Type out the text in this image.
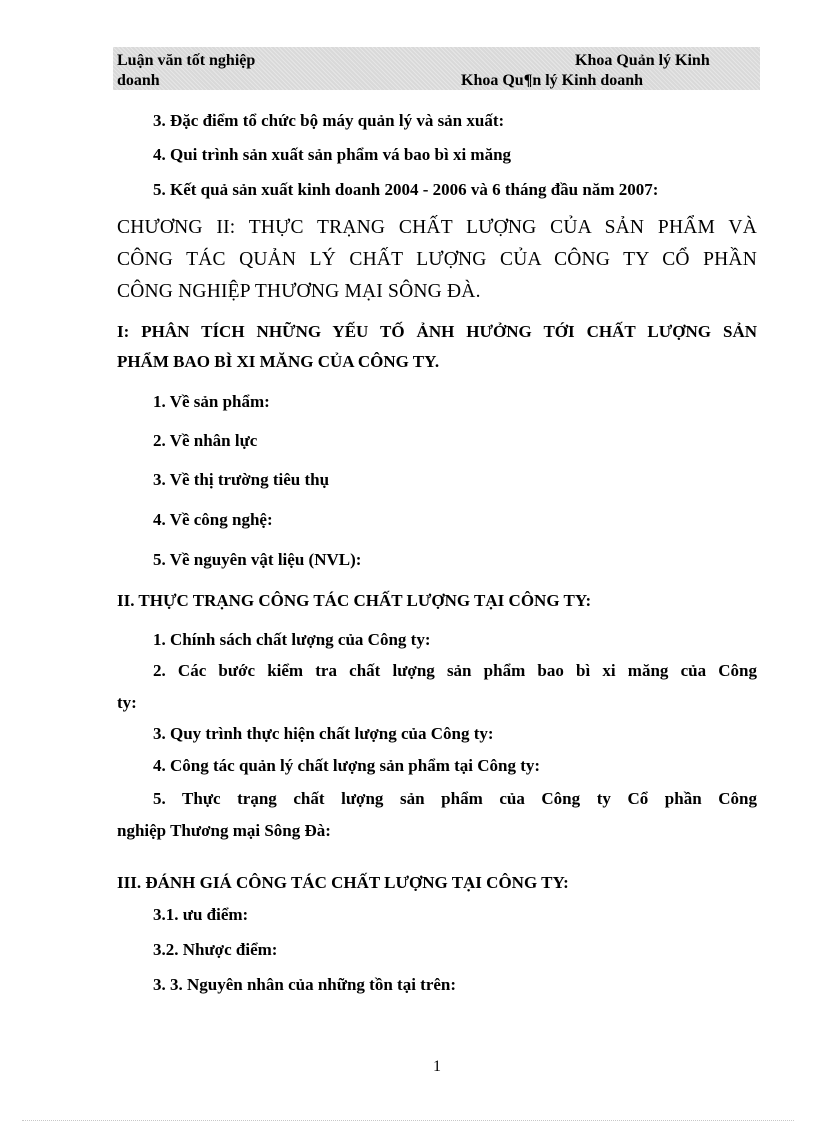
Luận văn tốt nghiệp
doanh
Khoa Quản lý Kinh
Khoa Qu¶n lý Kinh doanh
3. Đặc điểm tổ chức bộ máy quản lý và sản xuất:
4. Qui trình sản xuất sản phẩm vá bao bì xi măng
5. Kết quả sản xuất kinh doanh 2004 - 2006 và 6 tháng đầu năm 2007:
CHƯƠNG II: THỰC TRẠNG CHẤT LƯỢNG CỦA SẢN PHẨM VÀ
CÔNG TÁC QUẢN LÝ CHẤT LƯỢNG CỦA CÔNG TY CỔ PHẦN
CÔNG NGHIỆP THƯƠNG MẠI SÔNG ĐÀ.
I: PHÂN TÍCH NHỮNG YẾU TỐ ẢNH HƯỞNG TỚI CHẤT LƯỢNG SẢN
PHẨM BAO BÌ XI MĂNG CỦA CÔNG TY.
1. Về sản phẩm:
2. Về nhân lực
3. Về thị trường tiêu thụ
4. Về công nghệ:
5. Về nguyên vật liệu (NVL):
II. THỰC TRẠNG CÔNG TÁC CHẤT LƯỢNG TẠI CÔNG TY:
1. Chính sách chất lượng của Công ty:
2. Các bước kiểm tra chất lượng sản phẩm bao bì xi măng của Công
ty:
3. Quy trình thực hiện chất lượng của Công ty:
4. Công tác quản lý chất lượng sản phẩm tại Công ty:
5. Thực trạng chất lượng sản phẩm của Công ty Cổ phần Công
nghiệp Thương mại Sông Đà:
III. ĐÁNH GIÁ CÔNG TÁC CHẤT LƯỢNG TẠI CÔNG TY:
3.1. ưu điểm:
3.2. Nhược điểm:
3. 3. Nguyên nhân của những tồn tại trên:
1
